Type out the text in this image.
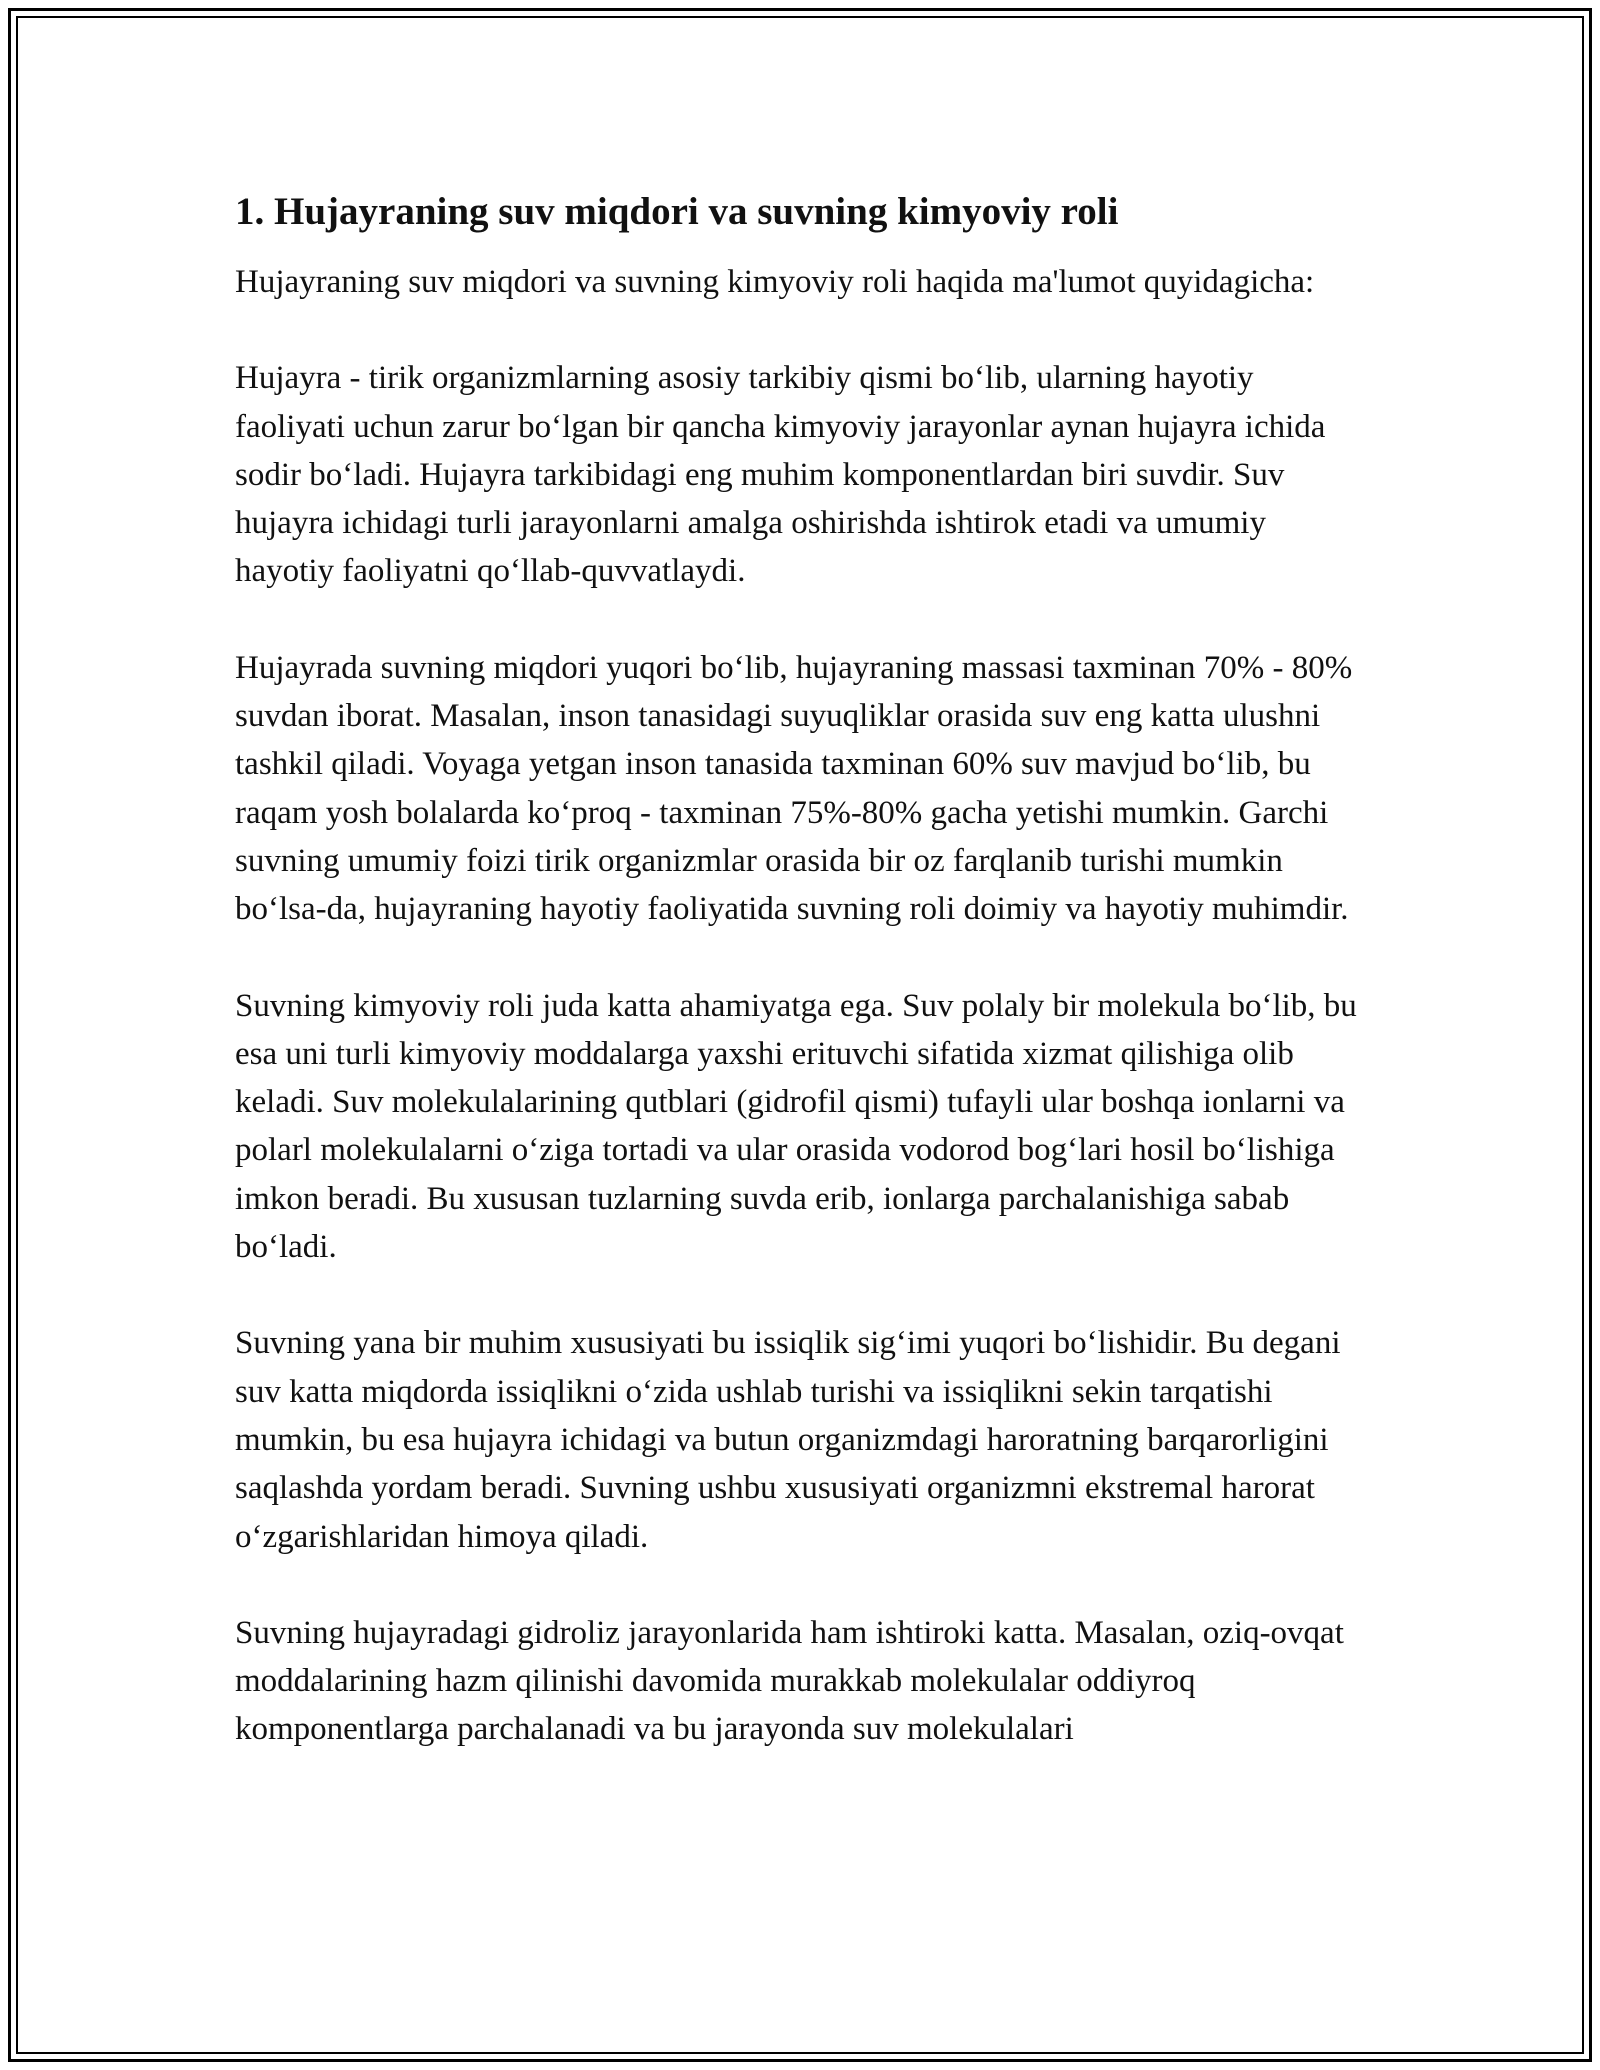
1. Hujayraning suv miqdori va suvning kimyoviy roli

Hujayraning suv miqdori va suvning kimyoviy roli haqida ma'lumot quyidagicha:

Hujayra - tirik organizmlarning asosiy tarkibiy qismi bo‘lib, ularning hayotiy faoliyati uchun zarur bo‘lgan bir qancha kimyoviy jarayonlar aynan hujayra ichida sodir bo‘ladi. Hujayra tarkibidagi eng muhim komponentlardan biri suvdir. Suv hujayra ichidagi turli jarayonlarni amalga oshirishda ishtirok etadi va umumiy hayotiy faoliyatni qo‘llab-quvvatlaydi.

Hujayrada suvning miqdori yuqori bo‘lib, hujayraning massasi taxminan 70% - 80% suvdan iborat. Masalan, inson tanasidagi suyuqliklar orasida suv eng katta ulushni tashkil qiladi. Voyaga yetgan inson tanasida taxminan 60% suv mavjud bo‘lib, bu raqam yosh bolalarda ko‘proq - taxminan 75%-80% gacha yetishi mumkin. Garchi suvning umumiy foizi tirik organizmlar orasida bir oz farqlanib turishi mumkin bo‘lsa-da, hujayraning hayotiy faoliyatida suvning roli doimiy va hayotiy muhimdir.

Suvning kimyoviy roli juda katta ahamiyatga ega. Suv polaly bir molekula bo‘lib, bu esa uni turli kimyoviy moddalarga yaxshi erituvchi sifatida xizmat qilishiga olib keladi. Suv molekulalarining qutblari (gidrofil qismi) tufayli ular boshqa ionlarni va polarl molekulalarni o‘ziga tortadi va ular orasida vodorod bog‘lari hosil bo‘lishiga imkon beradi. Bu xususan tuzlarning suvda erib, ionlarga parchalanishiga sabab bo‘ladi.

Suvning yana bir muhim xususiyati bu issiqlik sig‘imi yuqori bo‘lishidir. Bu degani suv katta miqdorda issiqlikni o‘zida ushlab turishi va issiqlikni sekin tarqatishi mumkin, bu esa hujayra ichidagi va butun organizmdagi haroratning barqarorligini saqlashda yordam beradi. Suvning ushbu xususiyati organizmni ekstremal harorat o‘zgarishlaridan himoya qiladi.

Suvning hujayradagi gidroliz jarayonlarida ham ishtiroki katta. Masalan, oziq-ovqat moddalarining hazm qilinishi davomida murakkab molekulalar oddiyroq komponentlarga parchalanadi va bu jarayonda suv molekulalari
